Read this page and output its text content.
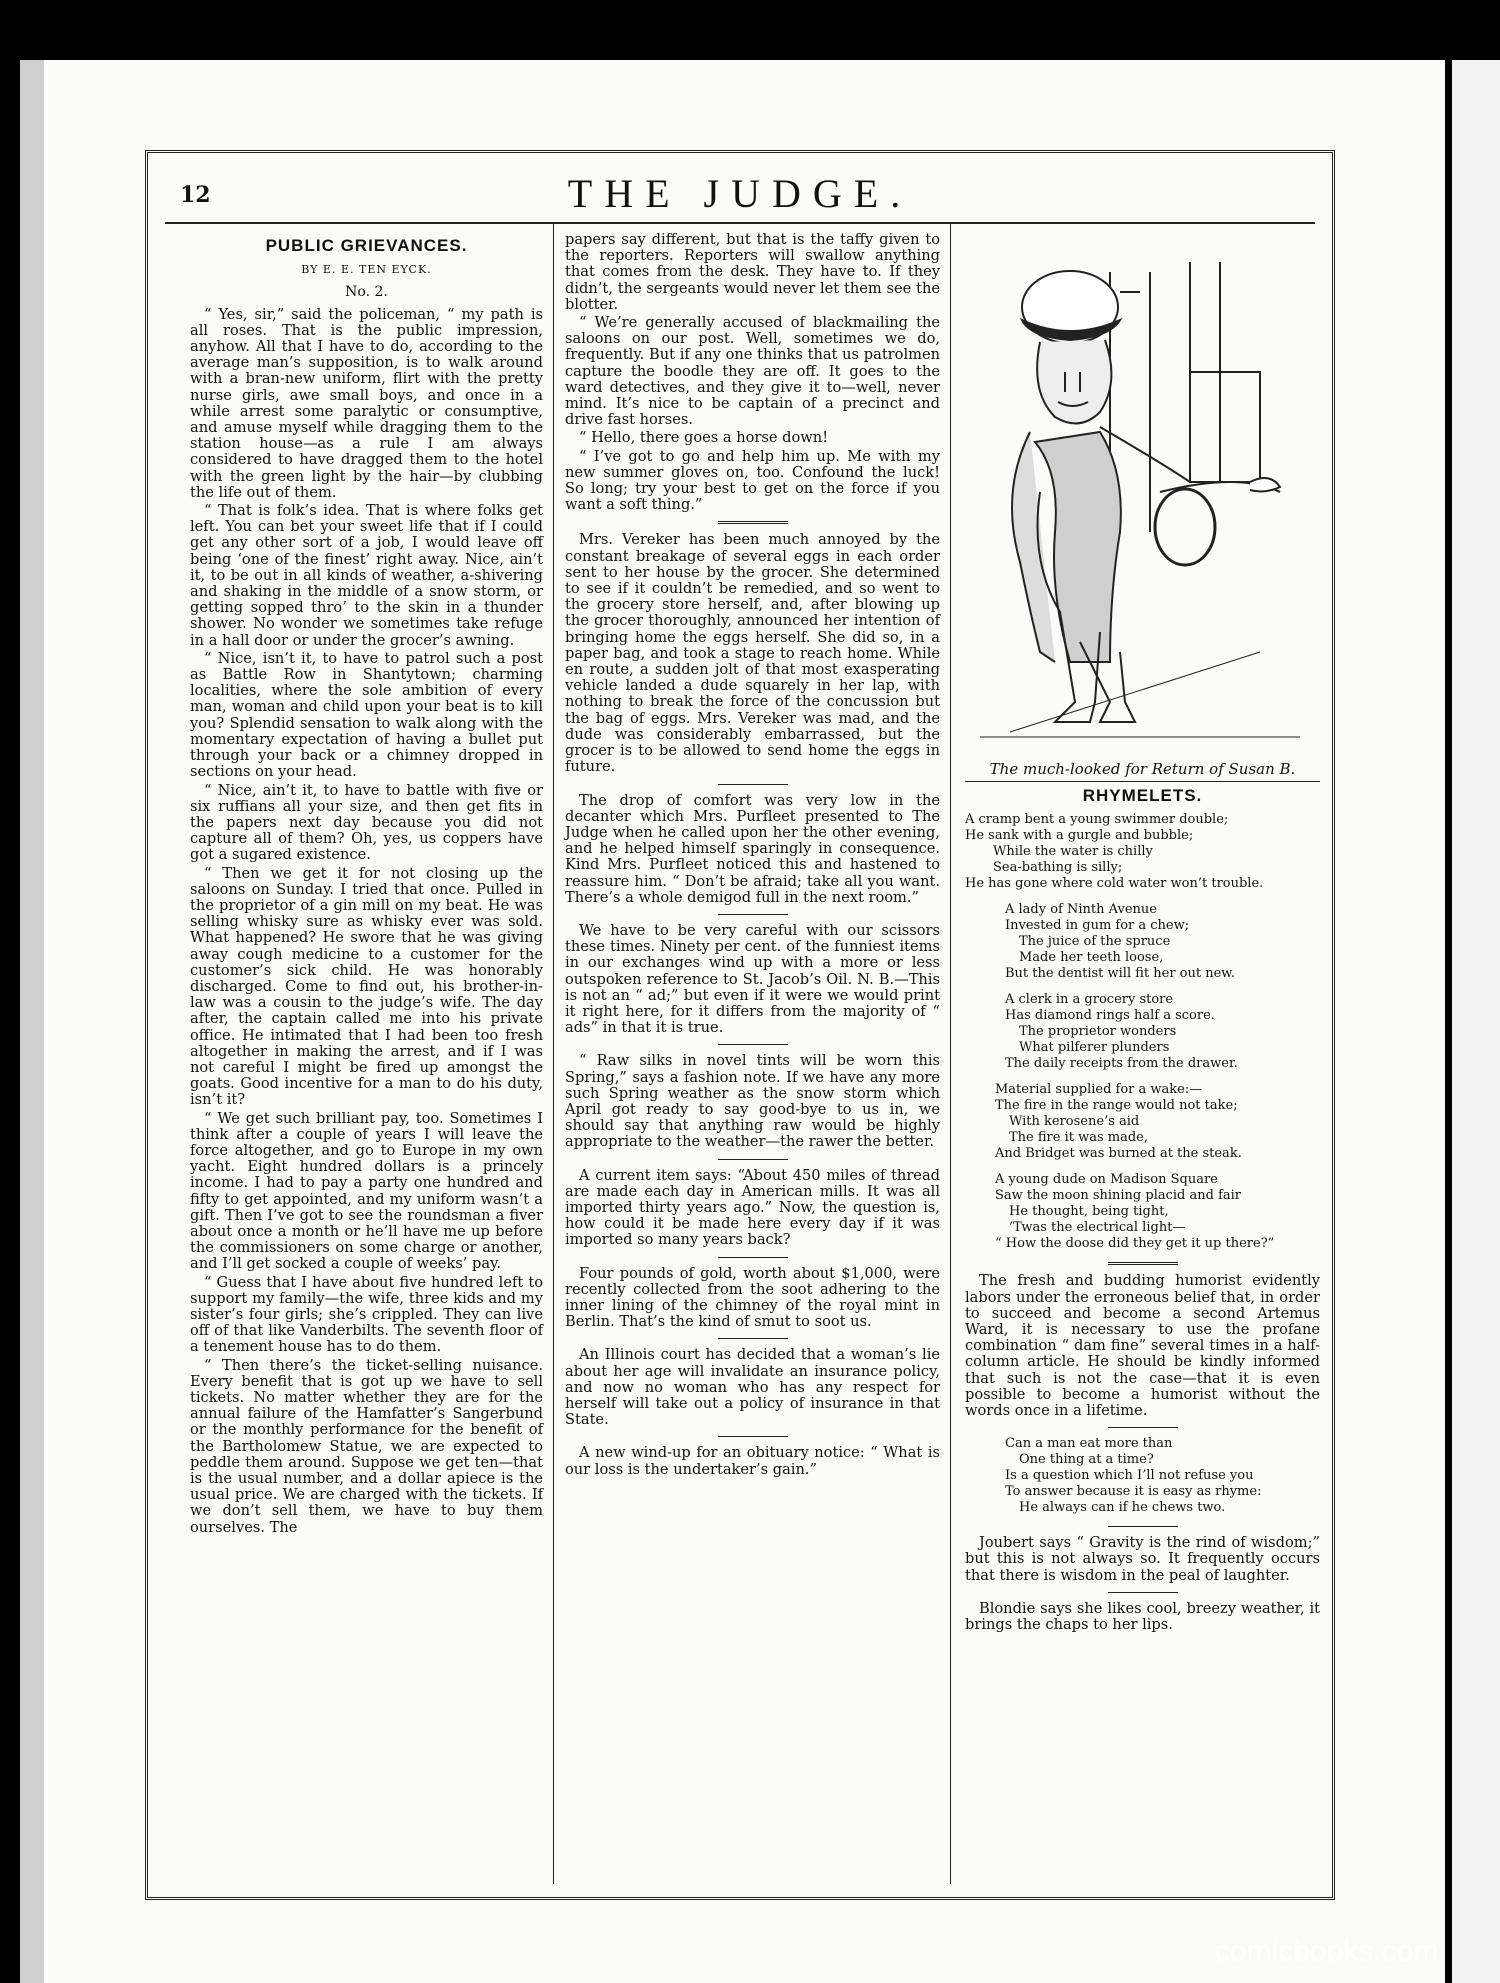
12	THE JUDGE.
PUBLIC GRIEVANCES.
BY E. E. TEN EYCK.
No. 2.

“ Yes, sir,” said the policeman, “ my path is all roses. That is the public impression, anyhow. All that I have to do, according to the average man’s supposition, is to walk around with a bran-new uniform, flirt with the pretty nurse girls, awe small boys, and once in a while arrest some paralytic or consumptive, and amuse myself while dragging them to the station house—as a rule I am always considered to have dragged them to the hotel with the green light by the hair—by clubbing the life out of them.

“ That is folk’s idea. That is where folks get left. You can bet your sweet life that if I could get any other sort of a job, I would leave off being ‘one of the finest’ right away. Nice, ain’t it, to be out in all kinds of weather, a-shivering and shaking in the middle of a snow storm, or getting sopped thro’ to the skin in a thunder shower. No wonder we sometimes take refuge in a hall door or under the grocer’s awning.

“ Nice, isn’t it, to have to patrol such a post as Battle Row in Shantytown; charming localities, where the sole ambition of every man, woman and child upon your beat is to kill you? Splendid sensation to walk along with the momentary expectation of having a bullet put through your back or a chimney dropped in sections on your head.

“ Nice, ain’t it, to have to battle with five or six ruffians all your size, and then get fits in the papers next day because you did not capture all of them? Oh, yes, us coppers have got a sugared existence.

“ Then we get it for not closing up the saloons on Sunday. I tried that once. Pulled in the proprietor of a gin mill on my beat. He was selling whisky sure as whisky ever was sold. What happened? He swore that he was giving away cough medicine to a customer for the customer’s sick child. He was honorably discharged. Come to find out, his brother-in-law was a cousin to the judge’s wife. The day after, the captain called me into his private office. He intimated that I had been too fresh altogether in making the arrest, and if I was not careful I might be fired up amongst the goats. Good incentive for a man to do his duty, isn’t it?

“ We get such brilliant pay, too. Sometimes I think after a couple of years I will leave the force altogether, and go to Europe in my own yacht. Eight hundred dollars is a princely income. I had to pay a party one hundred and fifty to get appointed, and my uniform wasn’t a gift. Then I’ve got to see the roundsman a fiver about once a month or he’ll have me up before the commissioners on some charge or another, and I’ll get socked a couple of weeks’ pay.

“ Guess that I have about five hundred left to support my family—the wife, three kids and my sister’s four girls; she’s crippled. They can live off of that like Vanderbilts. The seventh floor of a tenement house has to do them.

“ Then there’s the ticket-selling nuisance. Every benefit that is got up we have to sell tickets. No matter whether they are for the annual failure of the Hamfatter’s Sangerbund or the monthly performance for the benefit of the Bartholomew Statue, we are expected to peddle them around. Suppose we get ten—that is the usual number, and a dollar apiece is the usual price. We are charged with the tickets. If we don’t sell them, we have to buy them ourselves. The

papers say different, but that is the taffy given to the reporters. Reporters will swallow anything that comes from the desk. They have to. If they didn’t, the sergeants would never let them see the blotter.

“ We’re generally accused of blackmailing the saloons on our post. Well, sometimes we do, frequently. But if any one thinks that us patrolmen capture the boodle they are off. It goes to the ward detectives, and they give it to—well, never mind. It’s nice to be captain of a precinct and drive fast horses.

“ Hello, there goes a horse down!

“ I’ve got to go and help him up. Me with my new summer gloves on, too. Confound the luck! So long; try your best to get on the force if you want a soft thing.”

Mrs. Vereker has been much annoyed by the constant breakage of several eggs in each order sent to her house by the grocer. She determined to see if it couldn’t be remedied, and so went to the grocery store herself, and, after blowing up the grocer thoroughly, announced her intention of bringing home the eggs herself. She did so, in a paper bag, and took a stage to reach home. While en route, a sudden jolt of that most exasperating vehicle landed a dude squarely in her lap, with nothing to break the force of the concussion but the bag of eggs. Mrs. Vereker was mad, and the dude was considerably embarrassed, but the grocer is to be allowed to send home the eggs in future.

The drop of comfort was very low in the decanter which Mrs. Purfleet presented to The Judge when he called upon her the other evening, and he helped himself sparingly in consequence. Kind Mrs. Purfleet noticed this and hastened to reassure him. “ Don’t be afraid; take all you want. There’s a whole demigod full in the next room.”

We have to be very careful with our scissors these times. Ninety per cent. of the funniest items in our exchanges wind up with a more or less outspoken reference to St. Jacob’s Oil. N. B.—This is not an “ ad;” but even if it were we would print it right here, for it differs from the majority of “ ads” in that it is true.

“ Raw silks in novel tints will be worn this Spring,” says a fashion note. If we have any more such Spring weather as the snow storm which April got ready to say good-bye to us in, we should say that anything raw would be highly appropriate to the weather—the rawer the better.

A current item says: “About 450 miles of thread are made each day in American mills. It was all imported thirty years ago.” Now, the question is, how could it be made here every day if it was imported so many years back?

Four pounds of gold, worth about $1,000, were recently collected from the soot adhering to the inner lining of the chimney of the royal mint in Berlin. That’s the kind of smut to soot us.

An Illinois court has decided that a woman’s lie about her age will invalidate an insurance policy, and now no woman who has any respect for herself will take out a policy of insurance in that State.

A new wind-up for an obituary notice: “ What is our loss is the undertaker’s gain.”

The much-looked for Return of Susan B.
RHYMELETS.
A cramp bent a young swimmer double;
He sank with a gurgle and bubble;
While the water is chilly
Sea-bathing is silly;
He has gone where cold water won’t trouble.
A lady of Ninth Avenue
Invested in gum for a chew;
The juice of the spruce
Made her teeth loose,
But the dentist will fit her out new.
A clerk in a grocery store
Has diamond rings half a score.
The proprietor wonders
What pilferer plunders
The daily receipts from the drawer.
Material supplied for a wake:—
The fire in the range would not take;
With kerosene’s aid
The fire it was made,
And Bridget was burned at the steak.
A young dude on Madison Square
Saw the moon shining placid and fair
He thought, being tight,
’Twas the electrical light—
“ How the doose did they get it up there?”

The fresh and budding humorist evidently labors under the erroneous belief that, in order to succeed and become a second Artemus Ward, it is necessary to use the profane combination “ dam fine” several times in a half-column article. He should be kindly informed that such is not the case—that it is even possible to become a humorist without the words once in a lifetime.

Can a man eat more than
One thing at a time?
Is a question which I’ll not refuse you
To answer because it is easy as rhyme:
He always can if he chews two.

Joubert says “ Gravity is the rind of wisdom;” but this is not always so. It frequently occurs that there is wisdom in the peal of laughter.

Blondie says she likes cool, breezy weather, it brings the chaps to her lips.

comicbooks.com
